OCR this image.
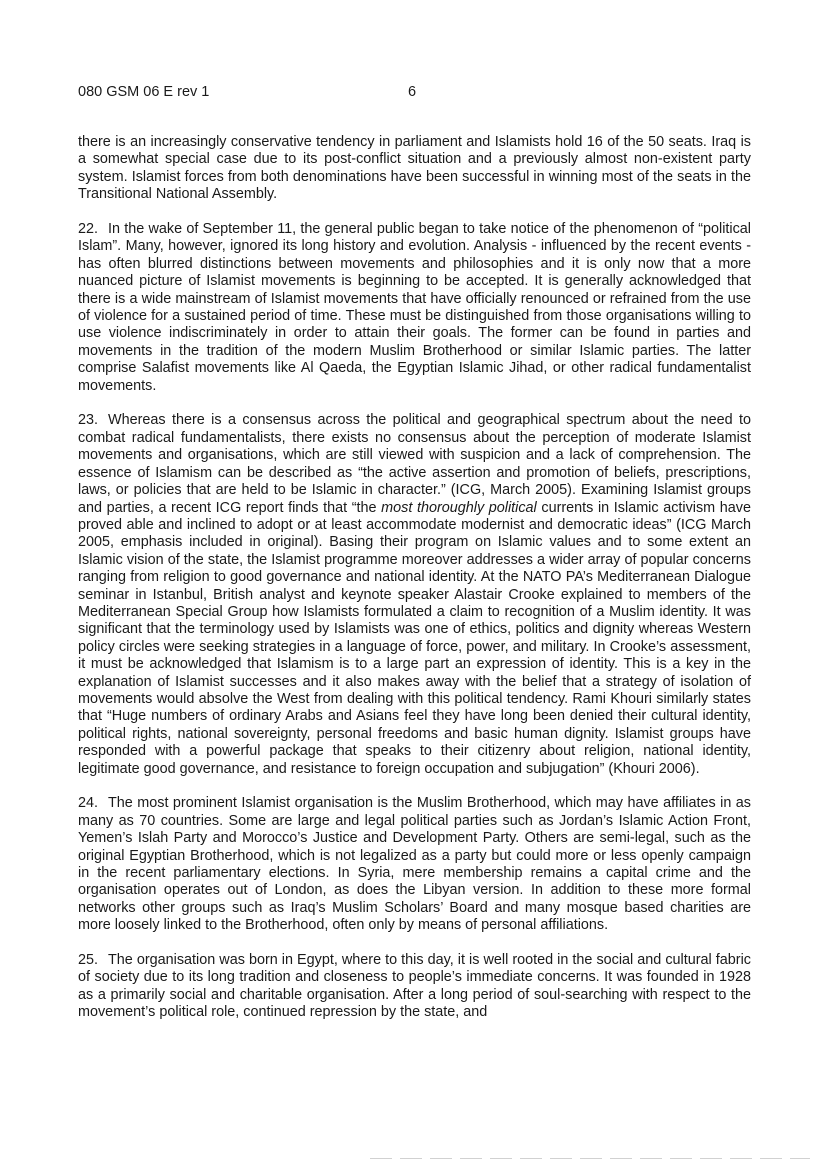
080 GSM 06 E rev 1	6

there is an increasingly conservative tendency in parliament and Islamists hold 16 of the 50 seats. Iraq is a somewhat special case due to its post-conflict situation and a previously almost non-existent party system. Islamist forces from both denominations have been successful in winning most of the seats in the Transitional National Assembly.

22. In the wake of September 11, the general public began to take notice of the phenomenon of “political Islam”. Many, however, ignored its long history and evolution. Analysis - influenced by the recent events - has often blurred distinctions between movements and philosophies and it is only now that a more nuanced picture of Islamist movements is beginning to be accepted. It is generally acknowledged that there is a wide mainstream of Islamist movements that have officially renounced or refrained from the use of violence for a sustained period of time. These must be distinguished from those organisations willing to use violence indiscriminately in order to attain their goals. The former can be found in parties and movements in the tradition of the modern Muslim Brotherhood or similar Islamic parties. The latter comprise Salafist movements like Al Qaeda, the Egyptian Islamic Jihad, or other radical fundamentalist movements.

23. Whereas there is a consensus across the political and geographical spectrum about the need to combat radical fundamentalists, there exists no consensus about the perception of moderate Islamist movements and organisations, which are still viewed with suspicion and a lack of comprehension. The essence of Islamism can be described as “the active assertion and promotion of beliefs, prescriptions, laws, or policies that are held to be Islamic in character.” (ICG, March 2005). Examining Islamist groups and parties, a recent ICG report finds that “the most thoroughly political currents in Islamic activism have proved able and inclined to adopt or at least accommodate modernist and democratic ideas” (ICG March 2005, emphasis included in original). Basing their program on Islamic values and to some extent an Islamic vision of the state, the Islamist programme moreover addresses a wider array of popular concerns ranging from religion to good governance and national identity. At the NATO PA’s Mediterranean Dialogue seminar in Istanbul, British analyst and keynote speaker Alastair Crooke explained to members of the Mediterranean Special Group how Islamists formulated a claim to recognition of a Muslim identity. It was significant that the terminology used by Islamists was one of ethics, politics and dignity whereas Western policy circles were seeking strategies in a language of force, power, and military. In Crooke’s assessment, it must be acknowledged that Islamism is to a large part an expression of identity. This is a key in the explanation of Islamist successes and it also makes away with the belief that a strategy of isolation of movements would absolve the West from dealing with this political tendency. Rami Khouri similarly states that “Huge numbers of ordinary Arabs and Asians feel they have long been denied their cultural identity, political rights, national sovereignty, personal freedoms and basic human dignity. Islamist groups have responded with a powerful package that speaks to their citizenry about religion, national identity, legitimate good governance, and resistance to foreign occupation and subjugation” (Khouri 2006).

24. The most prominent Islamist organisation is the Muslim Brotherhood, which may have affiliates in as many as 70 countries. Some are large and legal political parties such as Jordan’s Islamic Action Front, Yemen’s Islah Party and Morocco’s Justice and Development Party. Others are semi-legal, such as the original Egyptian Brotherhood, which is not legalized as a party but could more or less openly campaign in the recent parliamentary elections. In Syria, mere membership remains a capital crime and the organisation operates out of London, as does the Libyan version. In addition to these more formal networks other groups such as Iraq’s Muslim Scholars’ Board and many mosque based charities are more loosely linked to the Brotherhood, often only by means of personal affiliations.

25. The organisation was born in Egypt, where to this day, it is well rooted in the social and cultural fabric of society due to its long tradition and closeness to people’s immediate concerns. It was founded in 1928 as a primarily social and charitable organisation. After a long period of soul-searching with respect to the movement’s political role, continued repression by the state, and
